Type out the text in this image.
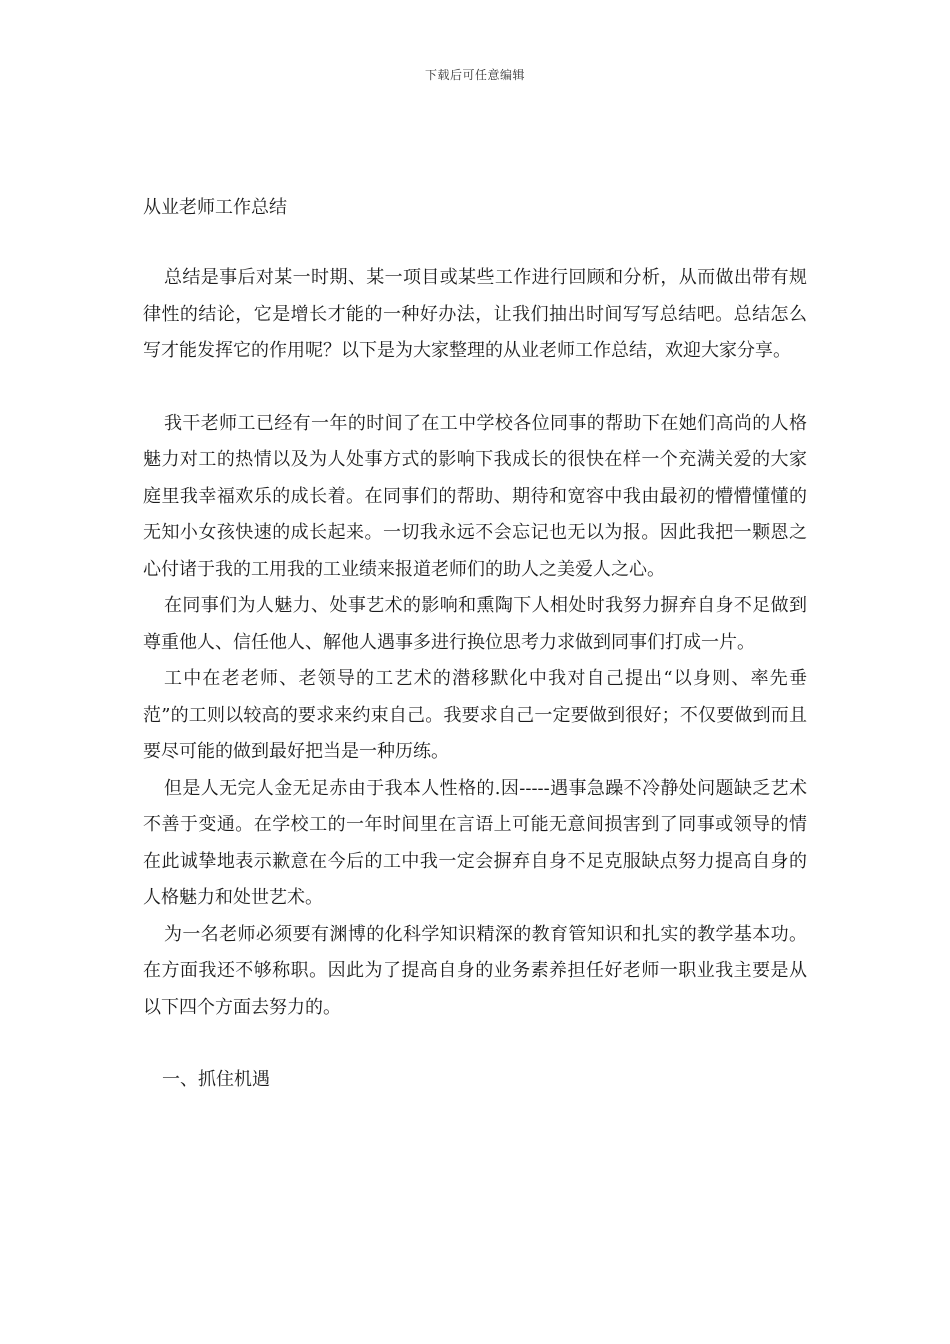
下载后可任意编辑
从业老师工作总结

总结是事后对某一时期、某一项目或某些工作进行回顾和分析，从而做出带有规律性的结论，它是增长才能的一种好办法，让我们抽出时间写写总结吧。总结怎么写才能发挥它的作用呢？以下是为大家整理的从业老师工作总结，欢迎大家分享。

我干老师工已经有一年的时间了在工中学校各位同事的帮助下在她们高尚的人格魅力对工的热情以及为人处事方式的影响下我成长的很快在样一个充满关爱的大家庭里我幸福欢乐的成长着。在同事们的帮助、期待和宽容中我由最初的懵懵懂懂的无知小女孩快速的成长起来。一切我永远不会忘记也无以为报。因此我把一颗恩之心付诸于我的工用我的工业绩来报道老师们的助人之美爱人之心。

在同事们为人魅力、处事艺术的影响和熏陶下人相处时我努力摒弃自身不足做到尊重他人、信任他人、解他人遇事多进行换位思考力求做到同事们打成一片。

工中在老老师、老领导的工艺术的潜移默化中我对自己提出“以身则、率先垂范”的工则以较高的要求来约束自己。我要求自己一定要做到很好；不仅要做到而且要尽可能的做到最好把当是一种历练。

但是人无完人金无足赤由于我本人性格的.因-----遇事急躁不冷静处问题缺乏艺术不善于变通。在学校工的一年时间里在言语上可能无意间损害到了同事或领导的情在此诚挚地表示歉意在今后的工中我一定会摒弃自身不足克服缺点努力提高自身的人格魅力和处世艺术。

为一名老师必须要有渊博的化科学知识精深的教育管知识和扎实的教学基本功。在方面我还不够称职。因此为了提高自身的业务素养担任好老师一职业我主要是从以下四个方面去努力的。

一、抓住机遇
